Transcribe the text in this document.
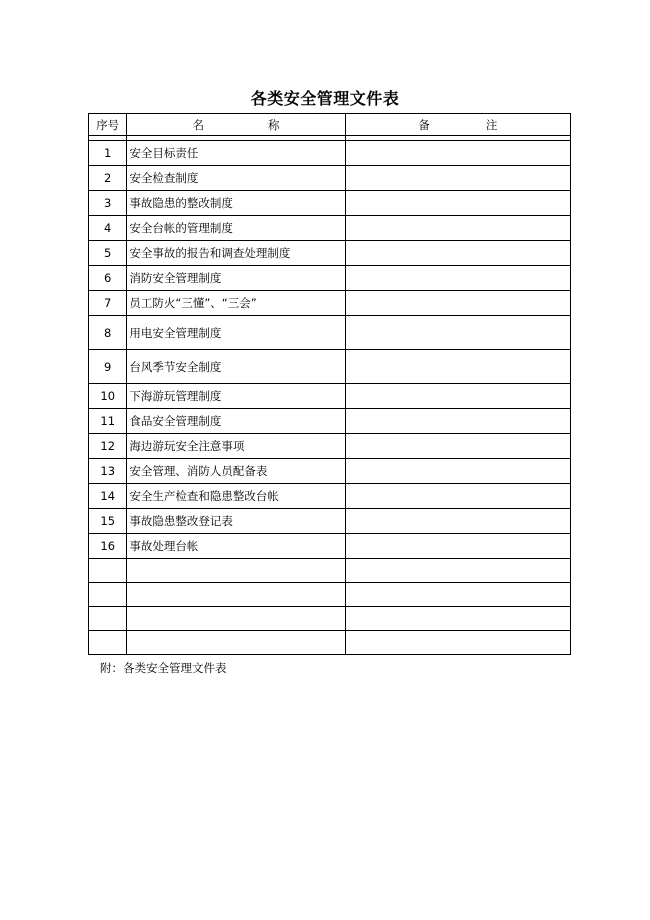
各类安全管理文件表
序号	名 称	备 注

1	安全目标责任	
2	安全检查制度	
3	事故隐患的整改制度	
4	安全台帐的管理制度	
5	安全事故的报告和调查处理制度	
6	消防安全管理制度	
7	员工防火“三懂”、“三会”	
8	用电安全管理制度	
9	台风季节安全制度	
10	下海游玩管理制度	
11	食品安全管理制度	
12	海边游玩安全注意事项	
13	安全管理、消防人员配备表	
14	安全生产检查和隐患整改台帐	
15	事故隐患整改登记表	
16	事故处理台帐	

附：各类安全管理文件表
